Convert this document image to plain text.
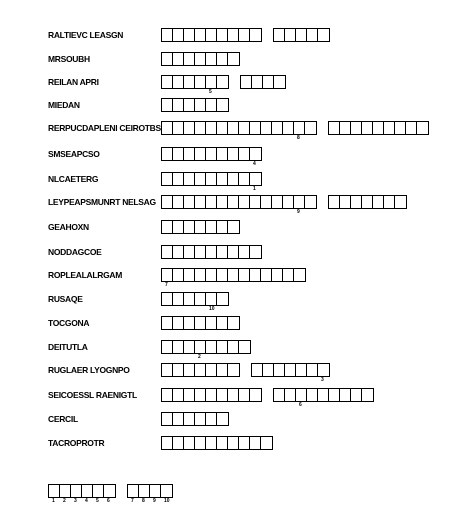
RALTIEVC LEASGN
MRSOUBH
REILAN APRI
5
MIEDAN
RERPUCDAPLENI CEIROTBS
8
SMSEAPCSO
4
NLCAETERG
1
LEYPEAPSMUNRT NELSAG
9
GEAHOXN
NODDAGCOE
ROPLEALALRGAM
7
RUSAQE
10
TOCGONA
DEITUTLA
2
RUGLAER LYOGNPO
3
SEICOESSL RAENIGTL
6
CERCIL
TACROPROTR
1 2 3 4 5 6	7 8 9 10
